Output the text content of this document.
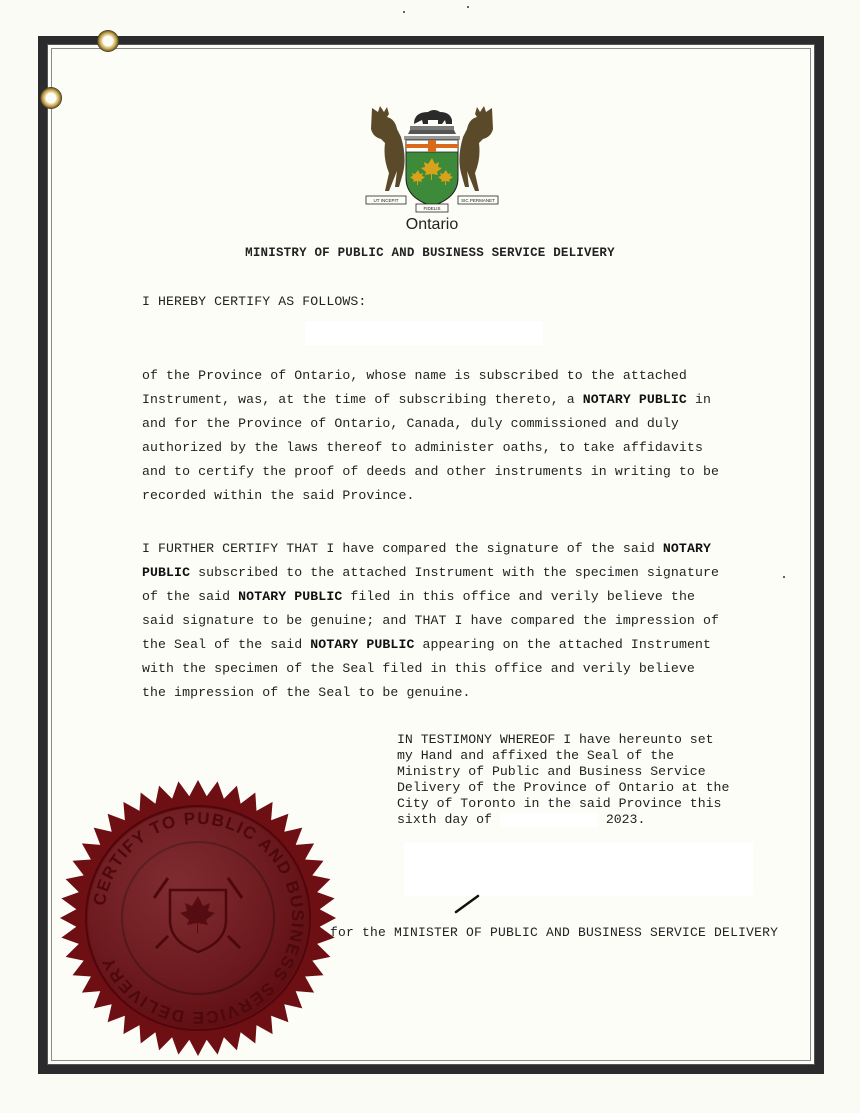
UT INCEPIT
FIDELIS
SIC PERMANET
Ontario
MINISTRY OF PUBLIC AND BUSINESS SERVICE DELIVERY

I HEREBY CERTIFY AS FOLLOWS:

of the Province of Ontario, whose name is subscribed to the attached Instrument, was, at the time of subscribing thereto, a NOTARY PUBLIC in and for the Province of Ontario, Canada, duly commissioned and duly authorized by the laws thereof to administer oaths, to take affidavits and to certify the proof of deeds and other instruments in writing to be recorded within the said Province.

I FURTHER CERTIFY THAT I have compared the signature of the said NOTARY PUBLIC subscribed to the attached Instrument with the specimen signature of the said NOTARY PUBLIC filed in this office and verily believe the said signature to be genuine; and THAT I have compared the impression of the Seal of the said NOTARY PUBLIC appearing on the attached Instrument with the specimen of the Seal filed in this office and verily believe the impression of the Seal to be genuine.

IN TESTIMONY WHEREOF I have hereunto set
my Hand and affixed the Seal of the
Ministry of Public and Business Service
Delivery of the Province of Ontario at the
City of Toronto in the said Province this
sixth day of	2023.
for the MINISTER OF PUBLIC AND BUSINESS SERVICE DELIVERY
CERTIFY TO PUBLIC AND BUSINESS SERVICE DELIVERY
